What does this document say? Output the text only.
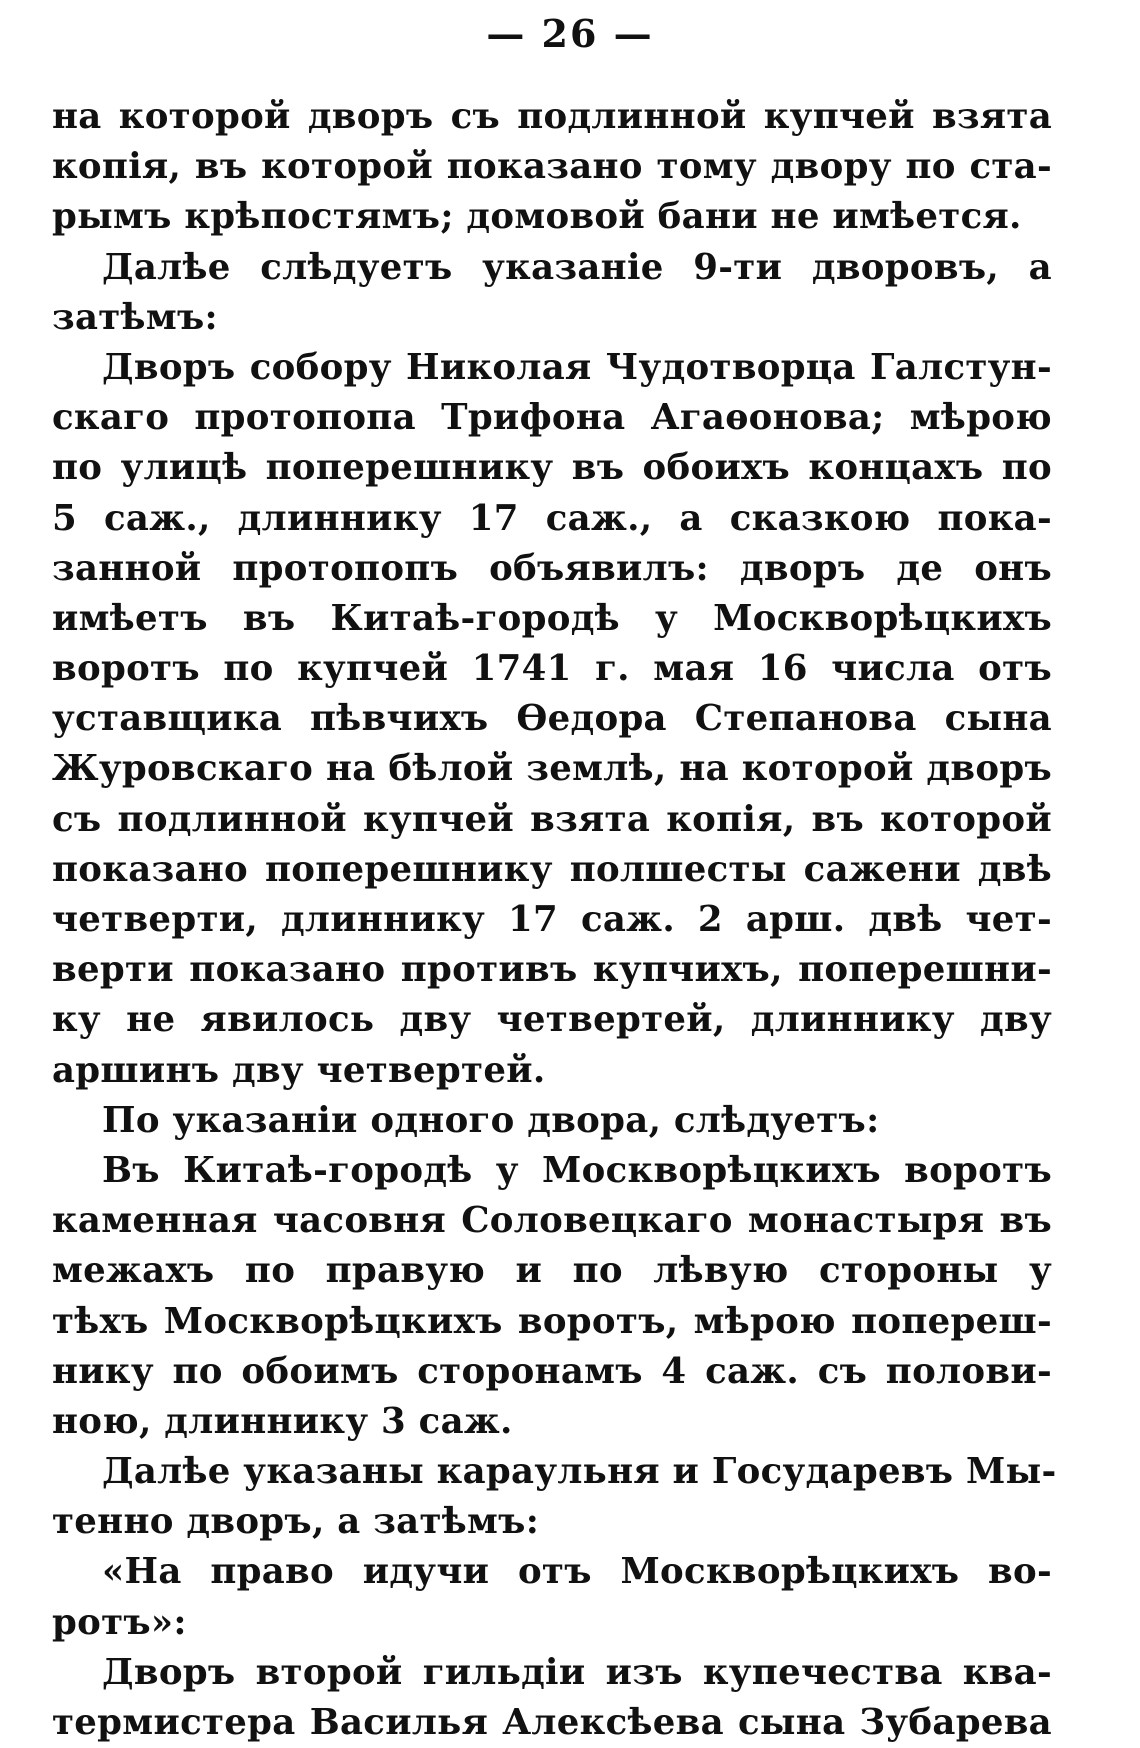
— 26 —
на которой дворъ съ подлинной купчей взята
копія, въ которой показано тому двору по ста-
рымъ крѣпостямъ; домовой бани не имѣется.
Далѣе слѣдуетъ указаніе 9-ти дворовъ, а
затѣмъ:
Дворъ собору Николая Чудотворца Галстун-
скаго протопопа Трифона Агаѳонова; мѣрою
по улицѣ поперешнику въ обоихъ концахъ по
5 саж., длиннику 17 саж., а сказкою пока-
занной протопопъ объявилъ: дворъ де онъ
имѣетъ въ Китаѣ-городѣ у Москворѣцкихъ
воротъ по купчей 1741 г. мая 16 числа отъ
уставщика пѣвчихъ Ѳедора Степанова сына
Журовскаго на бѣлой землѣ, на которой дворъ
съ подлинной купчей взята копія, въ которой
показано поперешнику полшесты сажени двѣ
четверти, длиннику 17 саж. 2 арш. двѣ чет-
верти показано противъ купчихъ, поперешни-
ку не явилось дву четвертей, длиннику дву
аршинъ дву четвертей.
По указаніи одного двора, слѣдуетъ:
Въ Китаѣ-городѣ у Москворѣцкихъ воротъ
каменная часовня Соловецкаго монастыря въ
межахъ по правую и по лѣвую стороны у
тѣхъ Москворѣцкихъ воротъ, мѣрою попереш-
нику по обоимъ сторонамъ 4 саж. съ полови-
ною, длиннику 3 саж.
Далѣе указаны караульня и Государевъ Мы-
тенно дворъ, а затѣмъ:
«На право идучи отъ Москворѣцкихъ во-
ротъ»:
Дворъ второй гильдіи изъ купечества ква-
термистера Василья Алексѣева сына Зубарева
